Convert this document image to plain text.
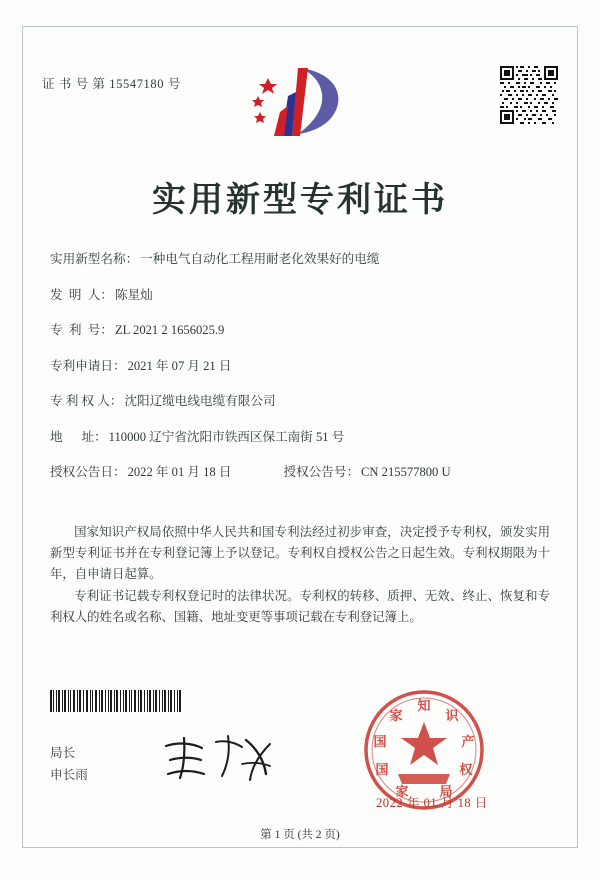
证 书 号 第 15547180 号
实用新型专利证书
实用新型名称： 一种电气自动化工程用耐老化效果好的电缆
发  明  人： 陈星灿
专  利  号： ZL 2021 2 1656025.9
专利申请日： 2021 年 07 月 21 日
专 利 权 人： 沈阳辽缆电线电缆有限公司
地      址： 110000 辽宁省沈阳市铁西区保工南街 51 号
授权公告日： 2022 年 01 月 18 日	授权公告号： CN 215577800 U
国家知识产权局依照中华人民共和国专利法经过初步审查，决定授予专利权，颁发实用新型专利证书并在专利登记簿上予以登记。专利权自授权公告之日起生效。专利权期限为十年，自申请日起算。
专利证书记载专利权登记时的法律状况。专利权的转移、质押、无效、终止、恢复和专利权人的姓名或名称、国籍、地址变更等事项记载在专利登记簿上。
局长
申长雨
知
识
产
权
局
家
国
国
家
2022 年 01 月 18 日
第 1 页 (共 2 页)
